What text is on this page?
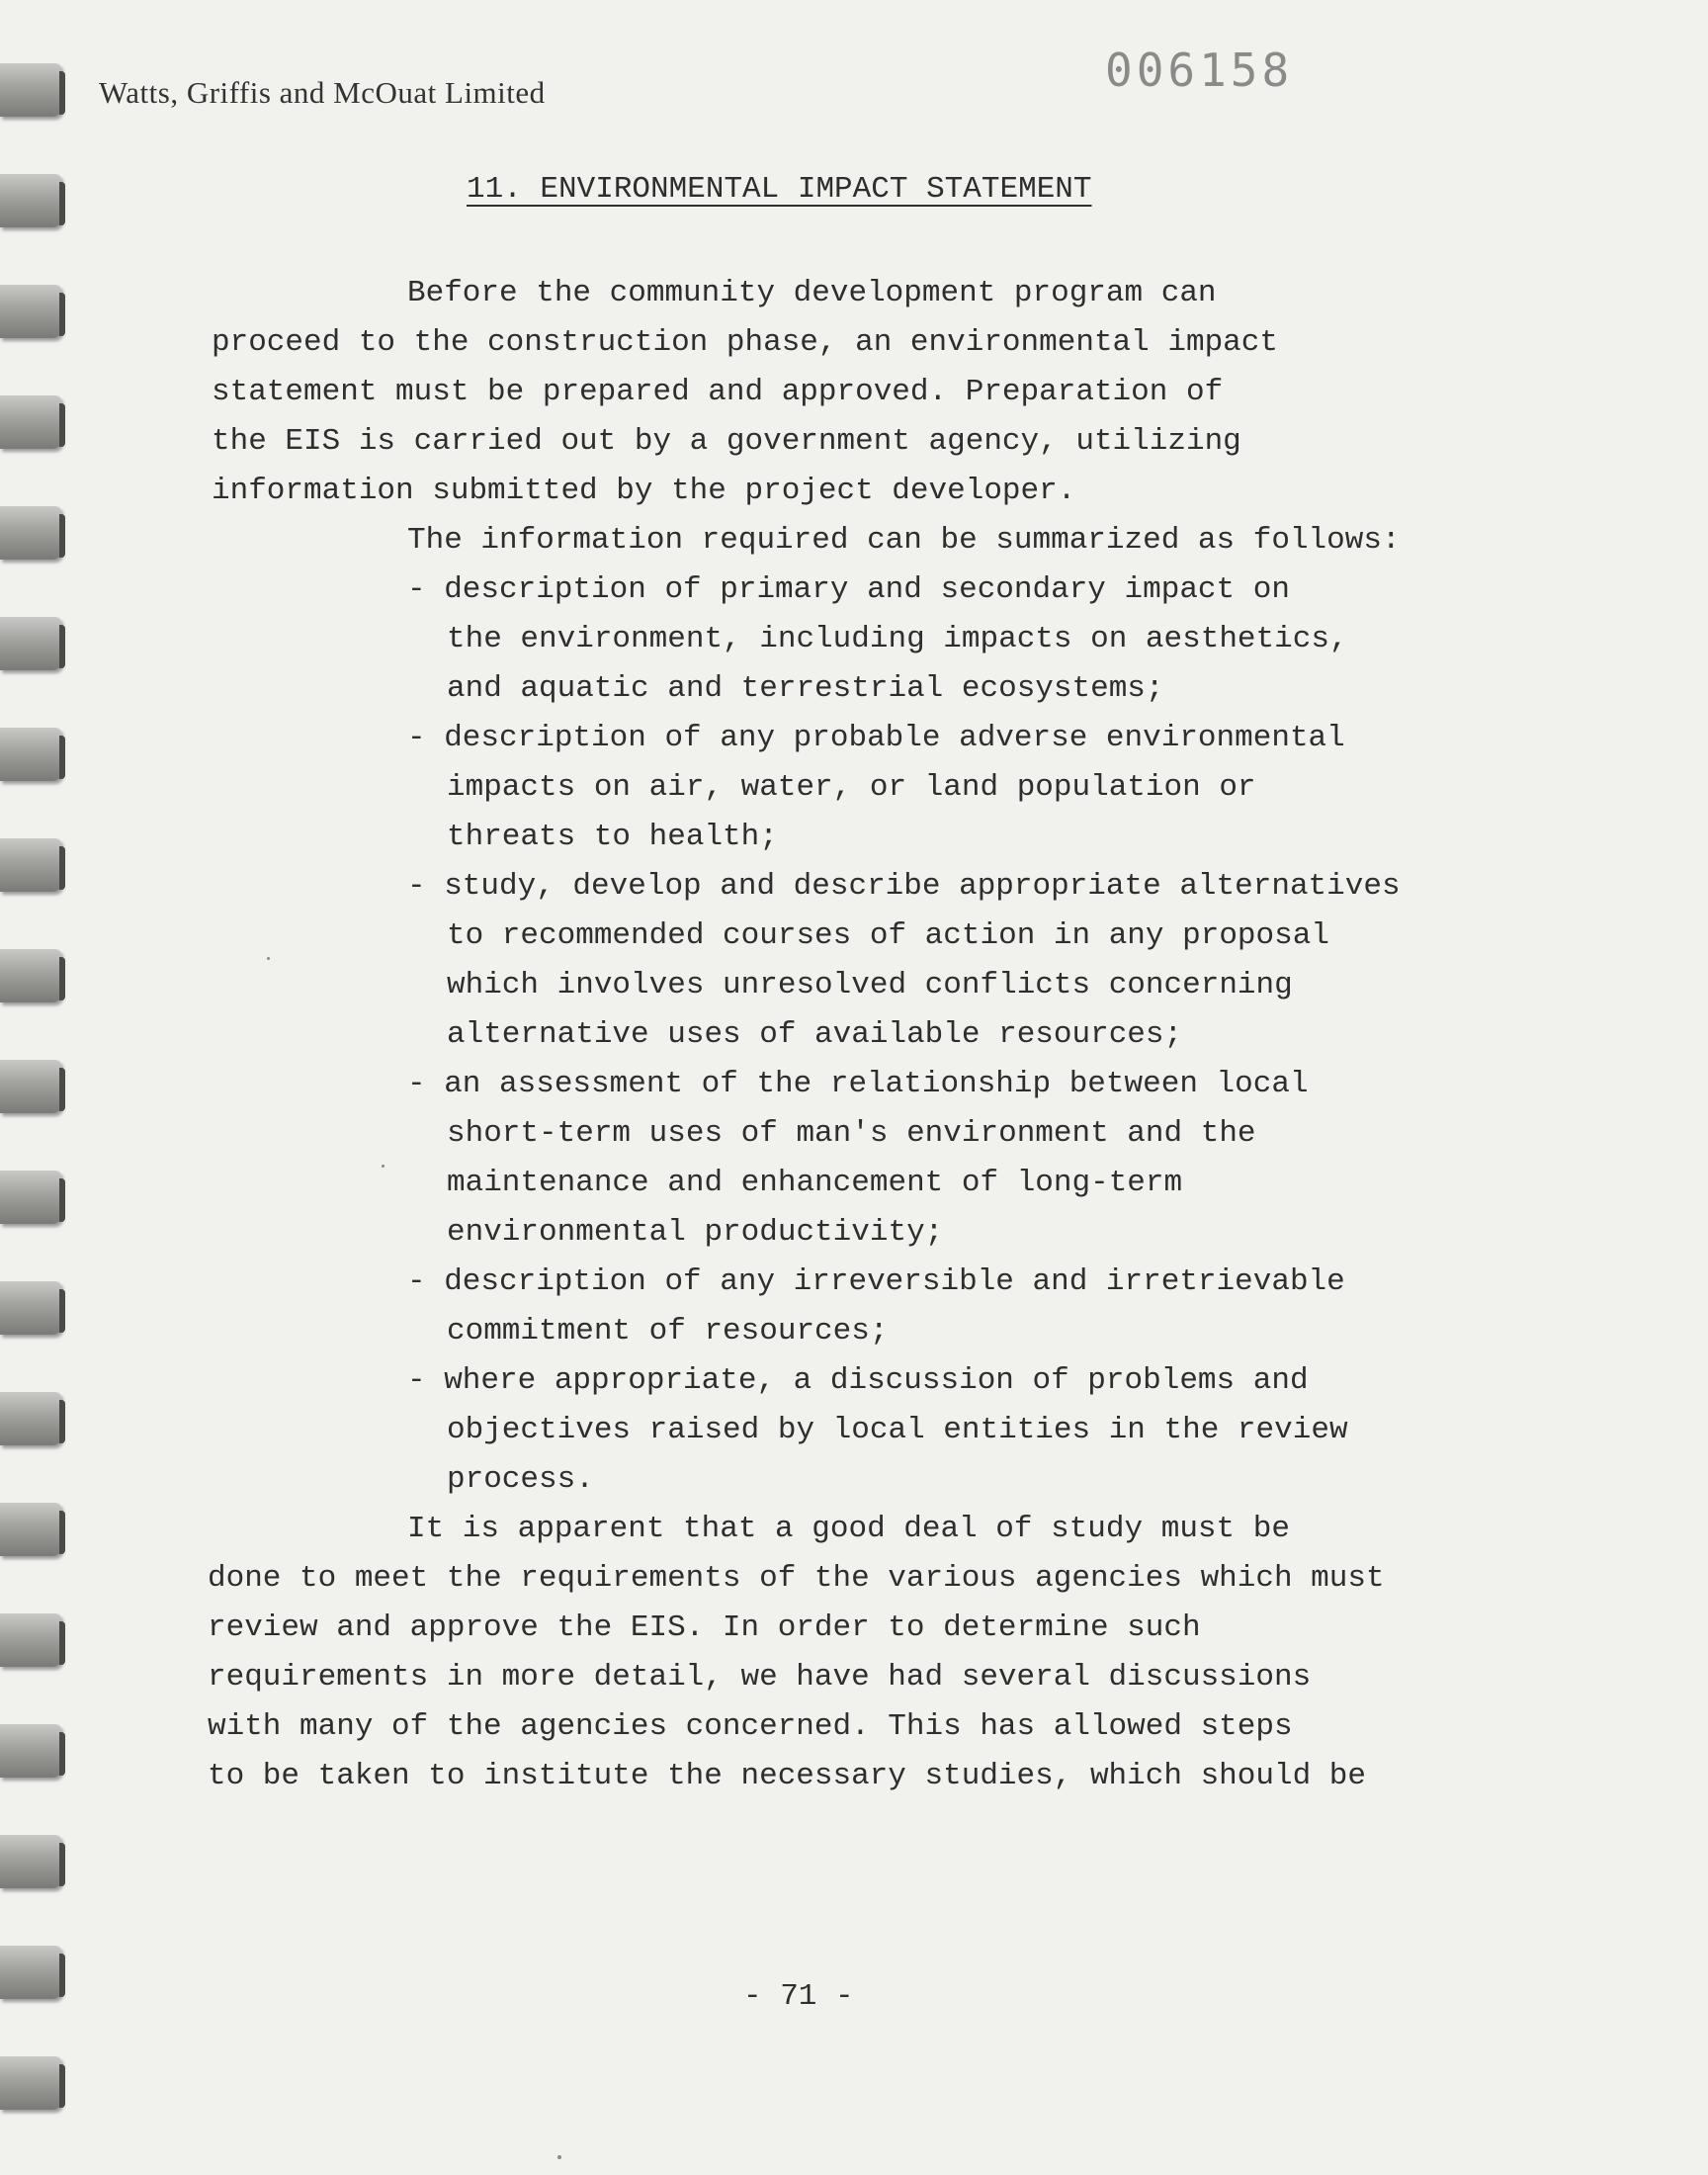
Watts, Griffis and McOuat Limited	006158
11. ENVIRONMENTAL IMPACT STATEMENT
Before the community development program can
proceed to the construction phase, an environmental impact
statement must be prepared and approved. Preparation of
the EIS is carried out by a government agency, utilizing
information submitted by the project developer.
The information required can be summarized as follows:
- description of primary and secondary impact on
the environment, including impacts on aesthetics,
and aquatic and terrestrial ecosystems;
- description of any probable adverse environmental
impacts on air, water, or land population or
threats to health;
- study, develop and describe appropriate alternatives
to recommended courses of action in any proposal
which involves unresolved conflicts concerning
alternative uses of available resources;
- an assessment of the relationship between local
short-term uses of man's environment and the
maintenance and enhancement of long-term
environmental productivity;
- description of any irreversible and irretrievable
commitment of resources;
- where appropriate, a discussion of problems and
objectives raised by local entities in the review
process.
It is apparent that a good deal of study must be
done to meet the requirements of the various agencies which must
review and approve the EIS. In order to determine such
requirements in more detail, we have had several discussions
with many of the agencies concerned. This has allowed steps
to be taken to institute the necessary studies, which should be
- 71 -
